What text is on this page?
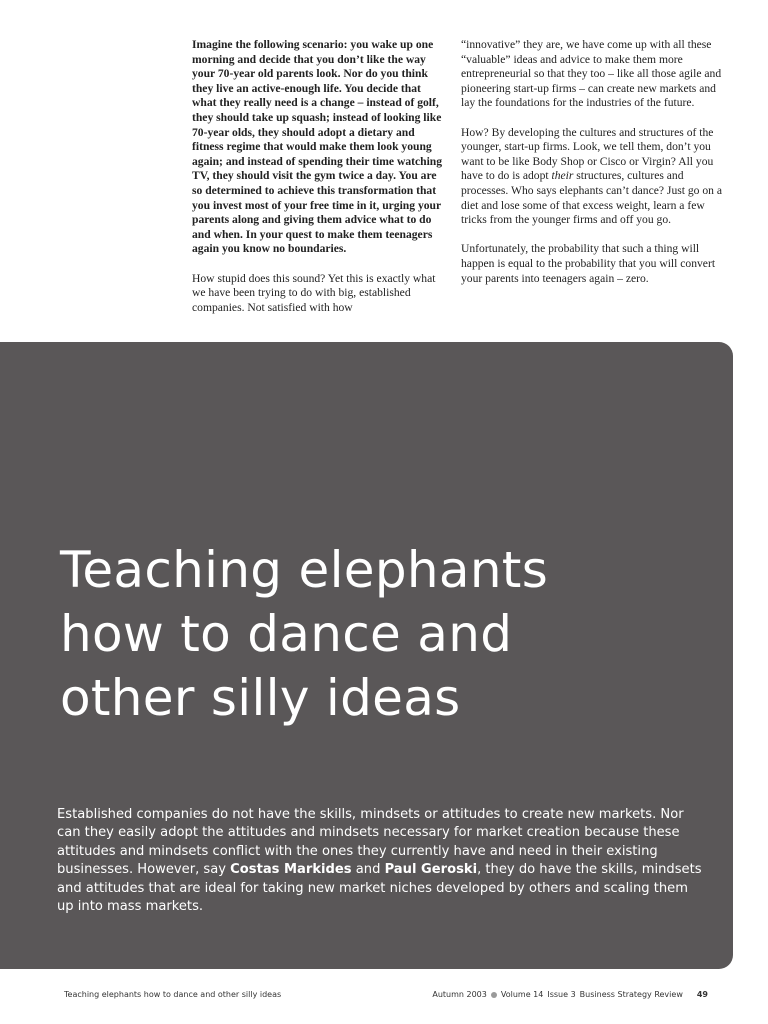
Imagine the following scenario: you wake up one morning and decide that you don’t like the way your 70-year old parents look. Nor do you think they live an active-enough life. You decide that what they really need is a change – instead of golf, they should take up squash; instead of looking like 70-year olds, they should adopt a dietary and fitness regime that would make them look young again; and instead of spending their time watching TV, they should visit the gym twice a day. You are so determined to achieve this transformation that you invest most of your free time in it, urging your parents along and giving them advice what to do and when. In your quest to make them teenagers again you know no boundaries.

How stupid does this sound? Yet this is exactly what we have been trying to do with big, established companies. Not satisfied with how

“innovative” they are, we have come up with all these “valuable” ideas and advice to make them more entrepreneurial so that they too – like all those agile and pioneering start-up firms – can create new markets and lay the foundations for the industries of the future.

How? By developing the cultures and structures of the younger, start-up firms. Look, we tell them, don’t you want to be like Body Shop or Cisco or Virgin? All you have to do is adopt their structures, cultures and processes. Who says elephants can’t dance? Just go on a diet and lose some of that excess weight, learn a few tricks from the younger firms and off you go.

Unfortunately, the probability that such a thing will happen is equal to the probability that you will convert your parents into teenagers again – zero.

Teaching elephants
how to dance and
other silly ideas

Established companies do not have the skills, mindsets or attitudes to create new markets. Nor can they easily adopt the attitudes and mindsets necessary for market creation because these attitudes and mindsets conflict with the ones they currently have and need in their existing businesses. However, say Costas Markides and Paul Geroski, they do have the skills, mindsets and attitudes that are ideal for taking new market niches developed by others and scaling them up into mass markets.

Teaching elephants how to dance and other silly ideas	Autumn 2003 Volume 14 Issue 3 Business Strategy Review 49
